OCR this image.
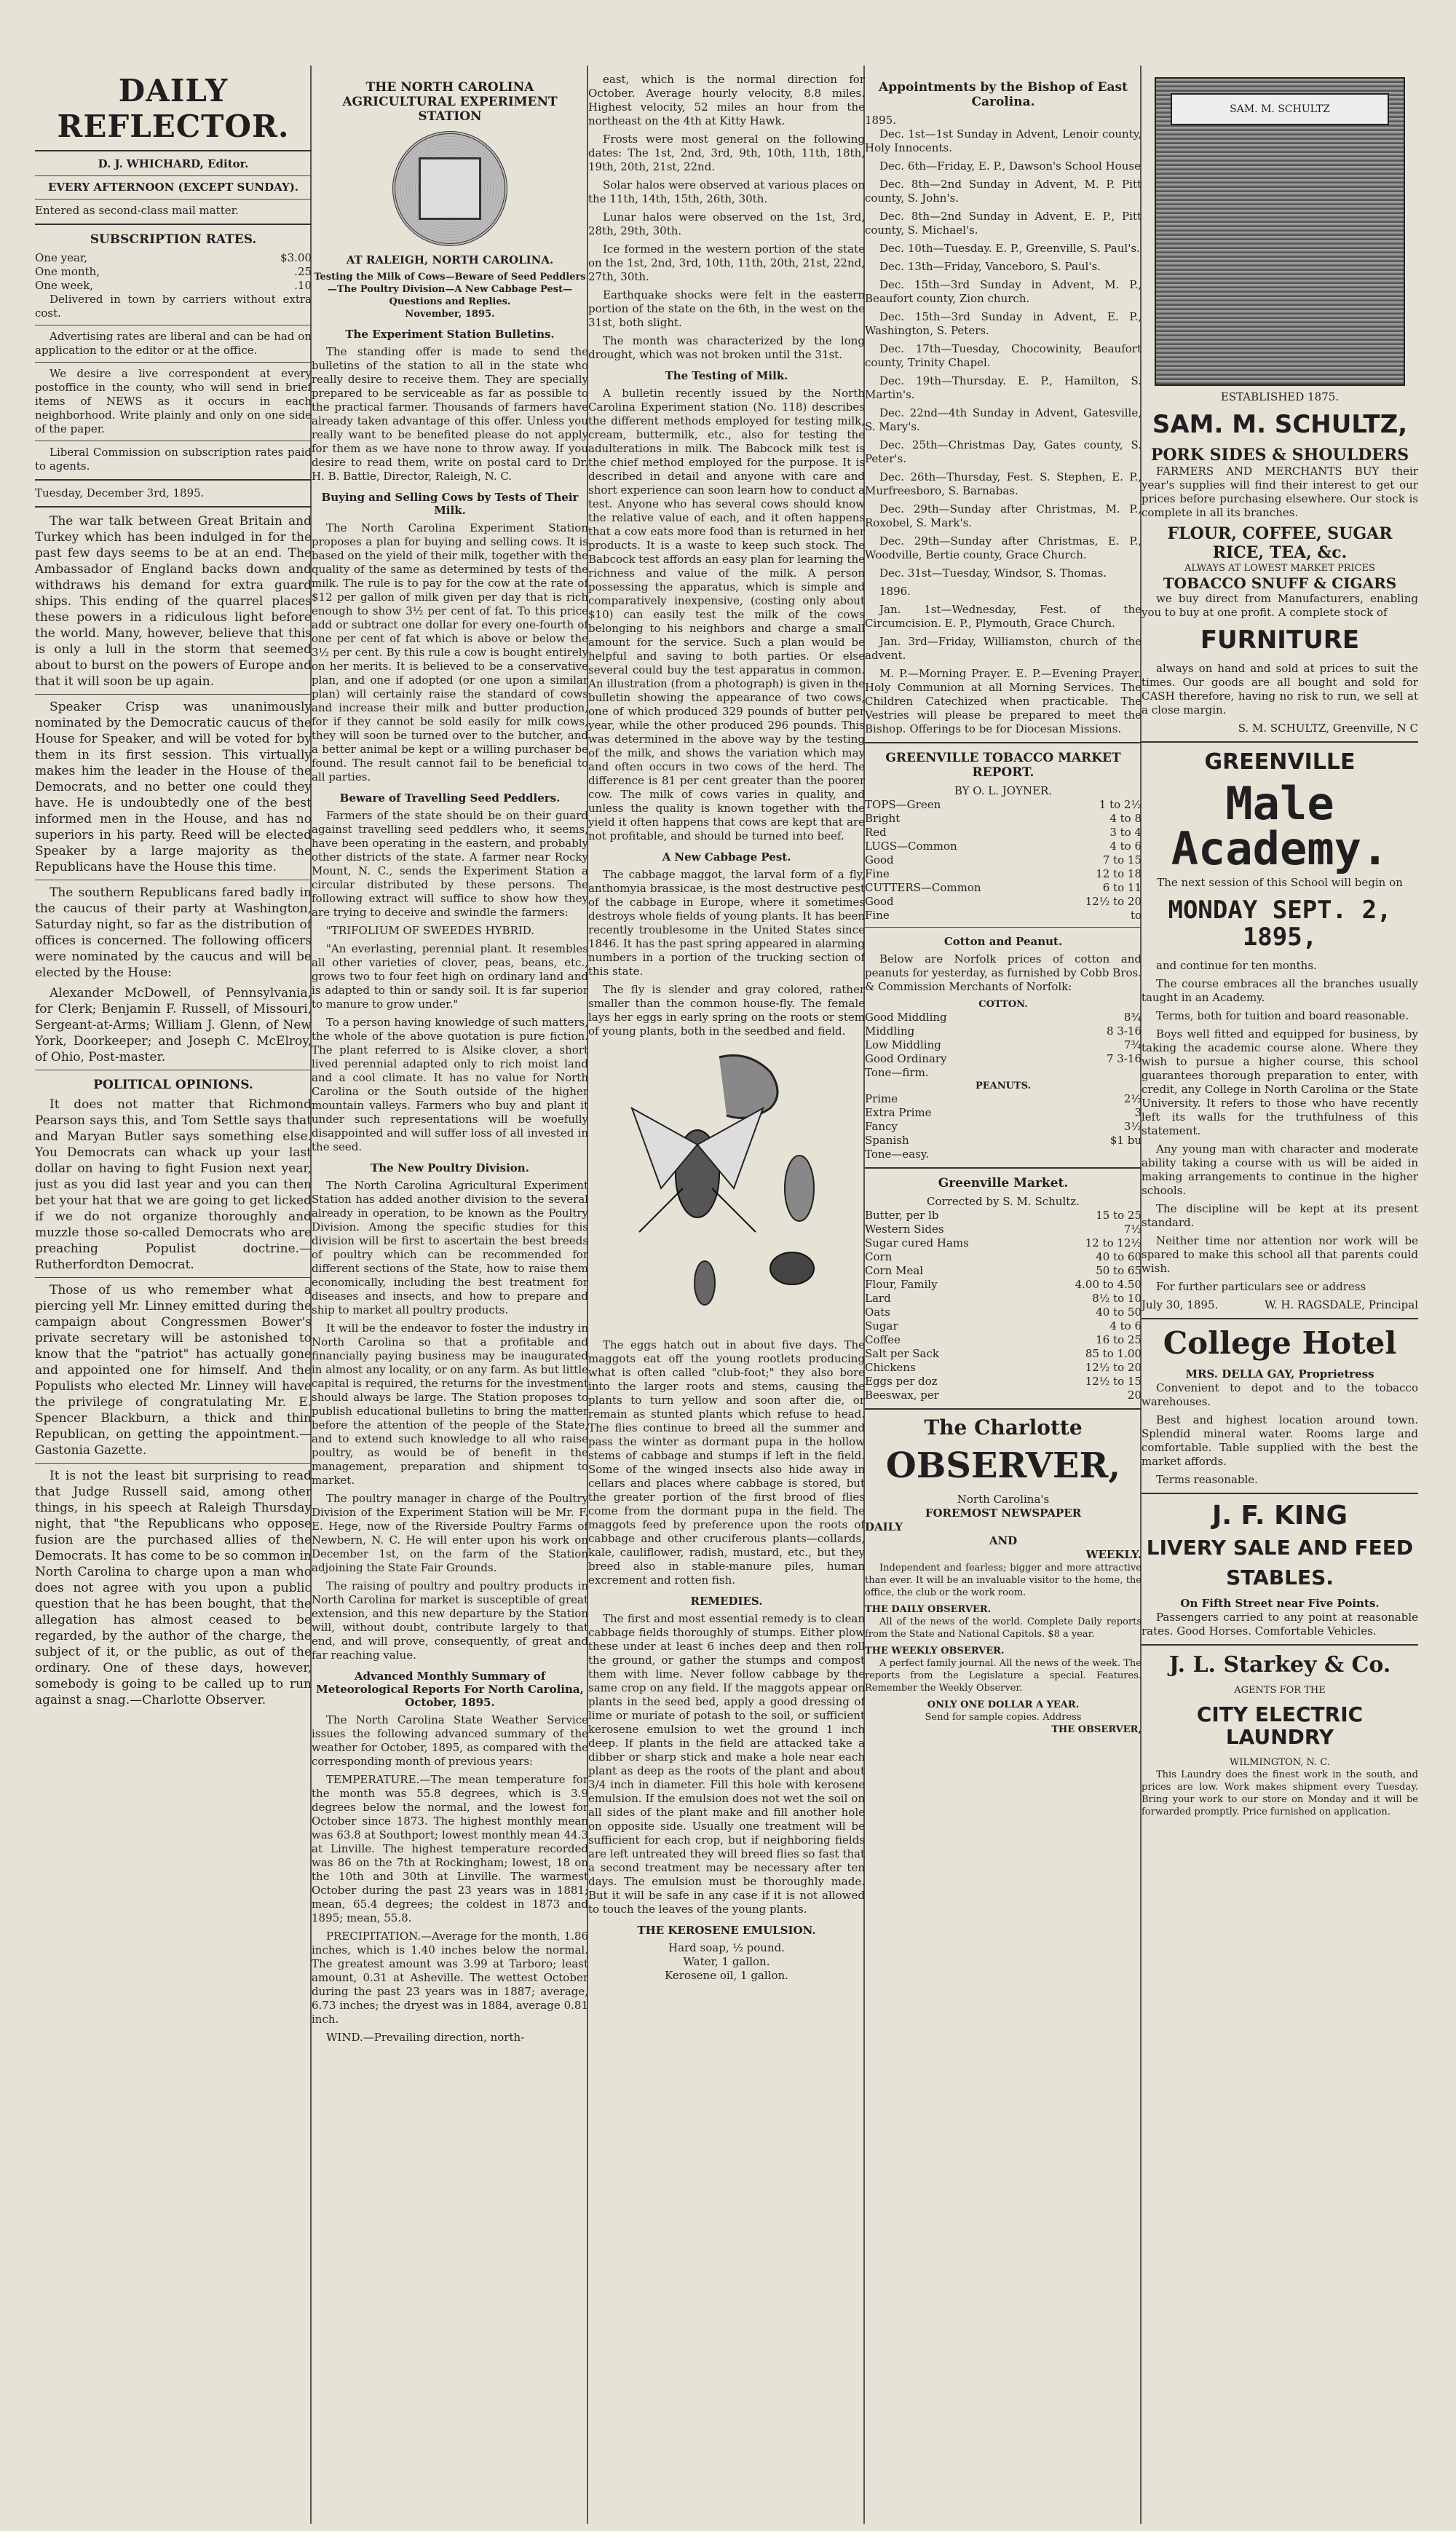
DAILY REFLECTOR.
D. J. WHICHARD, Editor.
EVERY AFTERNOON (EXCEPT SUNDAY).
Entered as second-class mail matter.
SUBSCRIPTION RATES.
One year,	$3.00
One month,	.25
One week,	.10

Delivered in town by carriers without extra cost.

Advertising rates are liberal and can be had on application to the editor or at the office.

We desire a live correspondent at every postoffice in the county, who will send in brief items of NEWS as it occurs in each neighborhood. Write plainly and only on one side of the paper.

Liberal Commission on subscription rates paid to agents.

Tuesday, December 3rd, 1895.

The war talk between Great Britain and Turkey which has been indulged in for the past few days seems to be at an end. The Ambassador of England backs down and withdraws his demand for extra guard ships. This ending of the quarrel places these powers in a ridiculous light before the world. Many, however, believe that this is only a lull in the storm that seemed about to burst on the powers of Europe and that it will soon be up again.

Speaker Crisp was unanimously nominated by the Democratic caucus of the House for Speaker, and will be voted for by them in its first session. This virtually makes him the leader in the House of the Democrats, and no better one could they have. He is undoubtedly one of the best informed men in the House, and has no superiors in his party. Reed will be elected Speaker by a large majority as the Republicans have the House this time.

The southern Republicans fared badly in the caucus of their party at Washington, Saturday night, so far as the distribution of offices is concerned. The following officers were nominated by the caucus and will be elected by the House:

Alexander McDowell, of Pennsylvania, for Clerk; Benjamin F. Russell, of Missouri, Sergeant-at-Arms; William J. Glenn, of New York, Doorkeeper; and Joseph C. McElroy, of Ohio, Post-master.

POLITICAL OPINIONS.

It does not matter that Richmond Pearson says this, and Tom Settle says that and Maryan Butler says something else. You Democrats can whack up your last dollar on having to fight Fusion next year, just as you did last year and you can then bet your hat that we are going to get licked if we do not organize thoroughly and muzzle those so-called Democrats who are preaching Populist doctrine.—Rutherfordton Democrat.

Those of us who remember what a piercing yell Mr. Linney emitted during the campaign about Congressmen Bower's private secretary will be astonished to know that the "patriot" has actually gone and appointed one for himself. And the Populists who elected Mr. Linney will have the privilege of congratulating Mr. E. Spencer Blackburn, a thick and thin Republican, on getting the appointment.—Gastonia Gazette.

It is not the least bit surprising to read that Judge Russell said, among other things, in his speech at Raleigh Thursday night, that "the Republicans who oppose fusion are the purchased allies of the Democrats. It has come to be so common in North Carolina to charge upon a man who does not agree with you upon a public question that he has been bought, that the allegation has almost ceased to be regarded, by the author of the charge, the subject of it, or the public, as out of the ordinary. One of these days, however, somebody is going to be called up to run against a snag.—Charlotte Observer.

THE NORTH CAROLINA AGRICULTURAL EXPERIMENT STATION
AT RALEIGH, NORTH CAROLINA.
Testing the Milk of Cows—Beware of Seed Peddlers—The Poultry Division—A New Cabbage Pest—Questions and Replies.
November, 1895.
The Experiment Station Bulletins.

The standing offer is made to send the bulletins of the station to all in the state who really desire to receive them. They are specially prepared to be serviceable as far as possible to the practical farmer. Thousands of farmers have already taken advantage of this offer. Unless you really want to be benefited please do not apply for them as we have none to throw away. If you desire to read them, write on postal card to Dr. H. B. Battle, Director, Raleigh, N. C.

Buying and Selling Cows by Tests of Their Milk.

The North Carolina Experiment Station proposes a plan for buying and selling cows. It is based on the yield of their milk, together with the quality of the same as determined by tests of the milk. The rule is to pay for the cow at the rate of $12 per gallon of milk given per day that is rich enough to show 3½ per cent of fat. To this price add or subtract one dollar for every one-fourth of one per cent of fat which is above or below the 3½ per cent. By this rule a cow is bought entirely on her merits. It is believed to be a conservative plan, and one if adopted (or one upon a similar plan) will certainly raise the standard of cows and increase their milk and butter production, for if they cannot be sold easily for milk cows, they will soon be turned over to the butcher, and a better animal be kept or a willing purchaser be found. The result cannot fail to be beneficial to all parties.

Beware of Travelling Seed Peddlers.

Farmers of the state should be on their guard against travelling seed peddlers who, it seems, have been operating in the eastern, and probably other districts of the state. A farmer near Rocky Mount, N. C., sends the Experiment Station a circular distributed by these persons. The following extract will suffice to show how they are trying to deceive and swindle the farmers:

"TRIFOLIUM OF SWEEDES HYBRID.

"An everlasting, perennial plant. It resembles all other varieties of clover, peas, beans, etc., grows two to four feet high on ordinary land and is adapted to thin or sandy soil. It is far superior to manure to grow under."

To a person having knowledge of such matters, the whole of the above quotation is pure fiction. The plant referred to is Alsike clover, a short lived perennial adapted only to rich moist land and a cool climate. It has no value for North Carolina or the South outside of the higher mountain valleys. Farmers who buy and plant it under such representations will be woefully disappointed and will suffer loss of all invested in the seed.

The New Poultry Division.

The North Carolina Agricultural Experiment Station has added another division to the several already in operation, to be known as the Poultry Division. Among the specific studies for this division will be first to ascertain the best breeds of poultry which can be recommended for different sections of the State, how to raise them economically, including the best treatment for diseases and insects, and how to prepare and ship to market all poultry products.

It will be the endeavor to foster the industry in North Carolina so that a profitable and financially paying business may be inaugurated in almost any locality, or on any farm. As but little capital is required, the returns for the investment should always be large. The Station proposes to publish educational bulletins to bring the matter before the attention of the people of the State, and to extend such knowledge to all who raise poultry, as would be of benefit in the management, preparation and shipment to market.

The poultry manager in charge of the Poultry Division of the Experiment Station will be Mr. F. E. Hege, now of the Riverside Poultry Farms of Newbern, N. C. He will enter upon his work on December 1st, on the farm of the Station adjoining the State Fair Grounds.

The raising of poultry and poultry products in North Carolina for market is susceptible of great extension, and this new departure by the Station will, without doubt, contribute largely to that end, and will prove, consequently, of great and far reaching value.

Advanced Monthly Summary of Meteorological Reports For North Carolina, October, 1895.

The North Carolina State Weather Service issues the following advanced summary of the weather for October, 1895, as compared with the corresponding month of previous years:

TEMPERATURE.—The mean temperature for the month was 55.8 degrees, which is 3.9 degrees below the normal, and the lowest for October since 1873. The highest monthly mean was 63.8 at Southport; lowest monthly mean 44.3 at Linville. The highest temperature recorded was 86 on the 7th at Rockingham; lowest, 18 on the 10th and 30th at Linville. The warmest October during the past 23 years was in 1881; mean, 65.4 degrees; the coldest in 1873 and 1895; mean, 55.8.

PRECIPITATION.—Average for the month, 1.86 inches, which is 1.40 inches below the normal. The greatest amount was 3.99 at Tarboro; least amount, 0.31 at Asheville. The wettest October during the past 23 years was in 1887; average, 6.73 inches; the dryest was in 1884, average 0.81 inch.

WIND.—Prevailing direction, north-

east, which is the normal direction for October. Average hourly velocity, 8.8 miles. Highest velocity, 52 miles an hour from the northeast on the 4th at Kitty Hawk.

Frosts were most general on the following dates: The 1st, 2nd, 3rd, 9th, 10th, 11th, 18th, 19th, 20th, 21st, 22nd.

Solar halos were observed at various places on the 11th, 14th, 15th, 26th, 30th.

Lunar halos were observed on the 1st, 3rd, 28th, 29th, 30th.

Ice formed in the western portion of the state on the 1st, 2nd, 3rd, 10th, 11th, 20th, 21st, 22nd, 27th, 30th.

Earthquake shocks were felt in the eastern portion of the state on the 6th, in the west on the 31st, both slight.

The month was characterized by the long drought, which was not broken until the 31st.

The Testing of Milk.

A bulletin recently issued by the North Carolina Experiment station (No. 118) describes the different methods employed for testing milk, cream, buttermilk, etc., also for testing the adulterations in milk. The Babcock milk test is the chief method employed for the purpose. It is described in detail and anyone with care and short experience can soon learn how to conduct a test. Anyone who has several cows should know the relative value of each, and it often happens that a cow eats more food than is returned in her products. It is a waste to keep such stock. The Babcock test affords an easy plan for learning the richness and value of the milk. A person possessing the apparatus, which is simple and comparatively inexpensive, (costing only about $10) can easily test the milk of the cows belonging to his neighbors and charge a small amount for the service. Such a plan would be helpful and saving to both parties. Or else several could buy the test apparatus in common. An illustration (from a photograph) is given in the bulletin showing the appearance of two cows, one of which produced 329 pounds of butter per year, while the other produced 296 pounds. This was determined in the above way by the testing of the milk, and shows the variation which may and often occurs in two cows of the herd. The difference is 81 per cent greater than the poorer cow. The milk of cows varies in quality, and unless the quality is known together with the yield it often happens that cows are kept that are not profitable, and should be turned into beef.

A New Cabbage Pest.

The cabbage maggot, the larval form of a fly, anthomyia brassicae, is the most destructive pest of the cabbage in Europe, where it sometimes destroys whole fields of young plants. It has been recently troublesome in the United States since 1846. It has the past spring appeared in alarming numbers in a portion of the trucking section of this state.

The fly is slender and gray colored, rather smaller than the common house-fly. The female lays her eggs in early spring on the roots or stem of young plants, both in the seedbed and field.

The eggs hatch out in about five days. The maggots eat off the young rootlets producing what is often called "club-foot;" they also bore into the larger roots and stems, causing the plants to turn yellow and soon after die, or remain as stunted plants which refuse to head. The flies continue to breed all the summer and pass the winter as dormant pupa in the hollow stems of cabbage and stumps if left in the field. Some of the winged insects also hide away in cellars and places where cabbage is stored, but the greater portion of the first brood of flies come from the dormant pupa in the field. The maggots feed by preference upon the roots of cabbage and other cruciferous plants—collards, kale, cauliflower, radish, mustard, etc., but they breed also in stable-manure piles, human excrement and rotten fish.

REMEDIES.

The first and most essential remedy is to clean cabbage fields thoroughly of stumps. Either plow these under at least 6 inches deep and then roll the ground, or gather the stumps and compost them with lime. Never follow cabbage by the same crop on any field. If the maggots appear on plants in the seed bed, apply a good dressing of lime or muriate of potash to the soil, or sufficient kerosene emulsion to wet the ground 1 inch deep. If plants in the field are attacked take a dibber or sharp stick and make a hole near each plant as deep as the roots of the plant and about 3/4 inch in diameter. Fill this hole with kerosene emulsion. If the emulsion does not wet the soil on all sides of the plant make and fill another hole on opposite side. Usually one treatment will be sufficient for each crop, but if neighboring fields are left untreated they will breed flies so fast that a second treatment may be necessary after ten days. The emulsion must be thoroughly made. But it will be safe in any case if it is not allowed to touch the leaves of the young plants.

THE KEROSENE EMULSION.
Hard soap, ½ pound.
Water, 1 gallon.
Kerosene oil, 1 gallon.
Appointments by the Bishop of East Carolina.
1895.

Dec. 1st—1st Sunday in Advent, Lenoir county, Holy Innocents.

Dec. 6th—Friday, E. P., Dawson's School House

Dec. 8th—2nd Sunday in Advent, M. P. Pitt county, S. John's.

Dec. 8th—2nd Sunday in Advent, E. P., Pitt county, S. Michael's.

Dec. 10th—Tuesday. E. P., Greenville, S. Paul's.

Dec. 13th—Friday, Vanceboro, S. Paul's.

Dec. 15th—3rd Sunday in Advent, M. P., Beaufort county, Zion church.

Dec. 15th—3rd Sunday in Advent, E. P., Washington, S. Peters.

Dec. 17th—Tuesday, Chocowinity, Beaufort county, Trinity Chapel.

Dec. 19th—Thursday. E. P., Hamilton, S. Martin's.

Dec. 22nd—4th Sunday in Advent, Gatesville, S. Mary's.

Dec. 25th—Christmas Day, Gates county, S. Peter's.

Dec. 26th—Thursday, Fest. S. Stephen, E. P., Murfreesboro, S. Barnabas.

Dec. 29th—Sunday after Christmas, M. P., Roxobel, S. Mark's.

Dec. 29th—Sunday after Christmas, E. P., Woodville, Bertie county, Grace Church.

Dec. 31st—Tuesday, Windsor, S. Thomas.

1896.

Jan. 1st—Wednesday, Fest. of the Circumcision. E. P., Plymouth, Grace Church.

Jan. 3rd—Friday, Williamston, church of the advent.

M. P.—Morning Prayer. E. P.—Evening Prayer. Holy Communion at all Morning Services. The Children Catechized when practicable. The Vestries will please be prepared to meet the Bishop. Offerings to be for Diocesan Missions.

GREENVILLE TOBACCO MARKET REPORT.
BY O. L. JOYNER.
TOPS—Green	1 to 2½
Bright	4 to 8
Red	3 to 4
LUGS—Common	4 to 6
Good	7 to 15
Fine	12 to 18
CUTTERS—Common	6 to 11
Good	12½ to 20
Fine	to
Cotton and Peanut.

Below are Norfolk prices of cotton and peanuts for yesterday, as furnished by Cobb Bros. & Commission Merchants of Norfolk:

COTTON.
Good Middling	8¾
Middling	8 3-16
Low Middling	7¾
Good Ordinary	7 3-16
Tone—firm.
PEANUTS.
Prime	2½
Extra Prime	3
Fancy	3½
Spanish	$1 bu
Tone—easy.
Greenville Market.
Corrected by S. M. Schultz.
Butter, per lb	15 to 25
Western Sides	7½
Sugar cured Hams	12 to 12½
Corn	40 to 60
Corn Meal	50 to 65
Flour, Family	4.00 to 4.50
Lard	8½ to 10
Oats	40 to 50
Sugar	4 to 6
Coffee	16 to 25
Salt per Sack	85 to 1.00
Chickens	12½ to 20
Eggs per doz	12½ to 15
Beeswax, per	20
The Charlotte
OBSERVER,
North Carolina's
FOREMOST NEWSPAPER
DAILY
AND
WEEKLY.

Independent and fearless; bigger and more attractive than ever. It will be an invaluable visitor to the home, the office, the club or the work room.

THE DAILY OBSERVER.

All of the news of the world. Complete Daily reports from the State and National Capitols. $8 a year.

THE WEEKLY OBSERVER.

A perfect family journal. All the news of the week. The reports from the Legislature a special. Features. Remember the Weekly Observer.

ONLY ONE DOLLAR A YEAR.
Send for sample copies. Address
THE OBSERVER,
SAM. M. SCHULTZ
ESTABLISHED 1875.
SAM. M. SCHULTZ,
PORK SIDES & SHOULDERS

FARMERS AND MERCHANTS BUY their year's supplies will find their interest to get our prices before purchasing elsewhere. Our stock is complete in all its branches.

FLOUR, COFFEE, SUGAR
RICE, TEA, &c.
ALWAYS AT LOWEST MARKET PRICES
TOBACCO SNUFF & CIGARS

we buy direct from Manufacturers, enabling you to buy at one profit. A complete stock of

FURNITURE

always on hand and sold at prices to suit the times. Our goods are all bought and sold for CASH therefore, having no risk to run, we sell at a close margin.

S. M. SCHULTZ, Greenville, N C
GREENVILLE
Male Academy.
The next session of this School will begin on
MONDAY SEPT. 2, 1895,

and continue for ten months.

The course embraces all the branches usually taught in an Academy.

Terms, both for tuition and board reasonable.

Boys well fitted and equipped for business, by taking the academic course alone. Where they wish to pursue a higher course, this school guarantees thorough preparation to enter, with credit, any College in North Carolina or the State University. It refers to those who have recently left its walls for the truthfulness of this statement.

Any young man with character and moderate ability taking a course with us will be aided in making arrangements to continue in the higher schools.

The discipline will be kept at its present standard.

Neither time nor attention nor work will be spared to make this school all that parents could wish.

For further particulars see or address

July 30, 1895.	W. H. RAGSDALE, Principal
College Hotel
MRS. DELLA GAY, Proprietress

Convenient to depot and to the tobacco warehouses.

Best and highest location around town. Splendid mineral water. Rooms large and comfortable. Table supplied with the best the market affords.

Terms reasonable.

J. F. KING
LIVERY SALE AND FEED
STABLES.
On Fifth Street near Five Points.

Passengers carried to any point at reasonable rates. Good Horses. Comfortable Vehicles.

J. L. Starkey & Co.
AGENTS FOR THE
CITY ELECTRIC LAUNDRY
WILMINGTON, N. C.

This Laundry does the finest work in the south, and prices are low. Work makes shipment every Tuesday. Bring your work to our store on Monday and it will be forwarded promptly. Price furnished on application.
